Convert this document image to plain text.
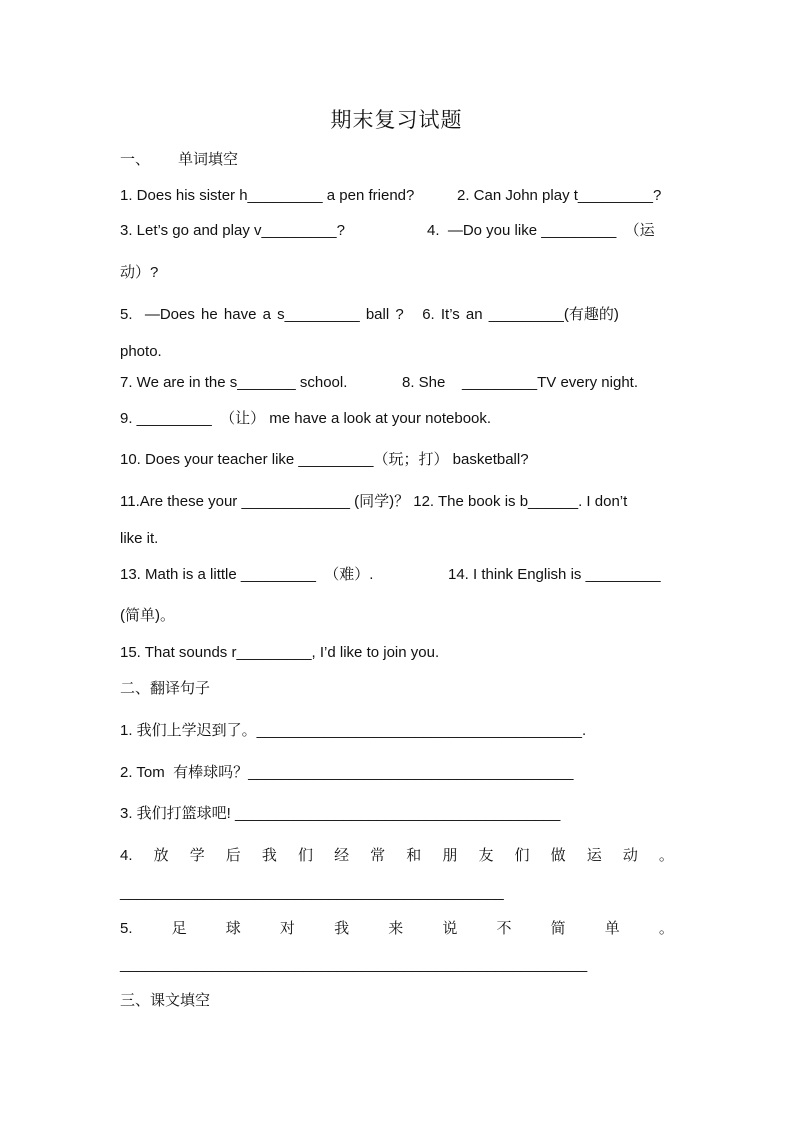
期末复习试题
一、 单词填空
1. Does his sister h_________ a pen friend?	2. Can John play t_________?
3. Let’s go and play v_________?	4.  —Do you like _________  （运
动）?
5.  —Does he have a s_________ ball ?   6. It’s an _________(有趣的)
photo.
7. We are in the s_______ school.	8. She    _________TV every night.
9. _________  （让） me have a look at your notebook.
10. Does your teacher like _________（玩；打） basketball?
11.Are these your _____________ (同学)？ 12. The book is b______. I don’t
like it.
13. Math is a little _________  （难）.	14. I think English is _________
(简单)。
15. That sounds r_________, I’d like to join you.
二、翻译句子
1. 我们上学迟到了。_______________________________________.
2. Tom  有棒球吗？_______________________________________
3. 我们打篮球吧! _______________________________________
4. 放 学 后 我 们 经 常 和 朋 友 们 做 运 动 。
______________________________________________
5.	足	球	对	我	来	说	不	简	单	。
________________________________________________________
三、课文填空
